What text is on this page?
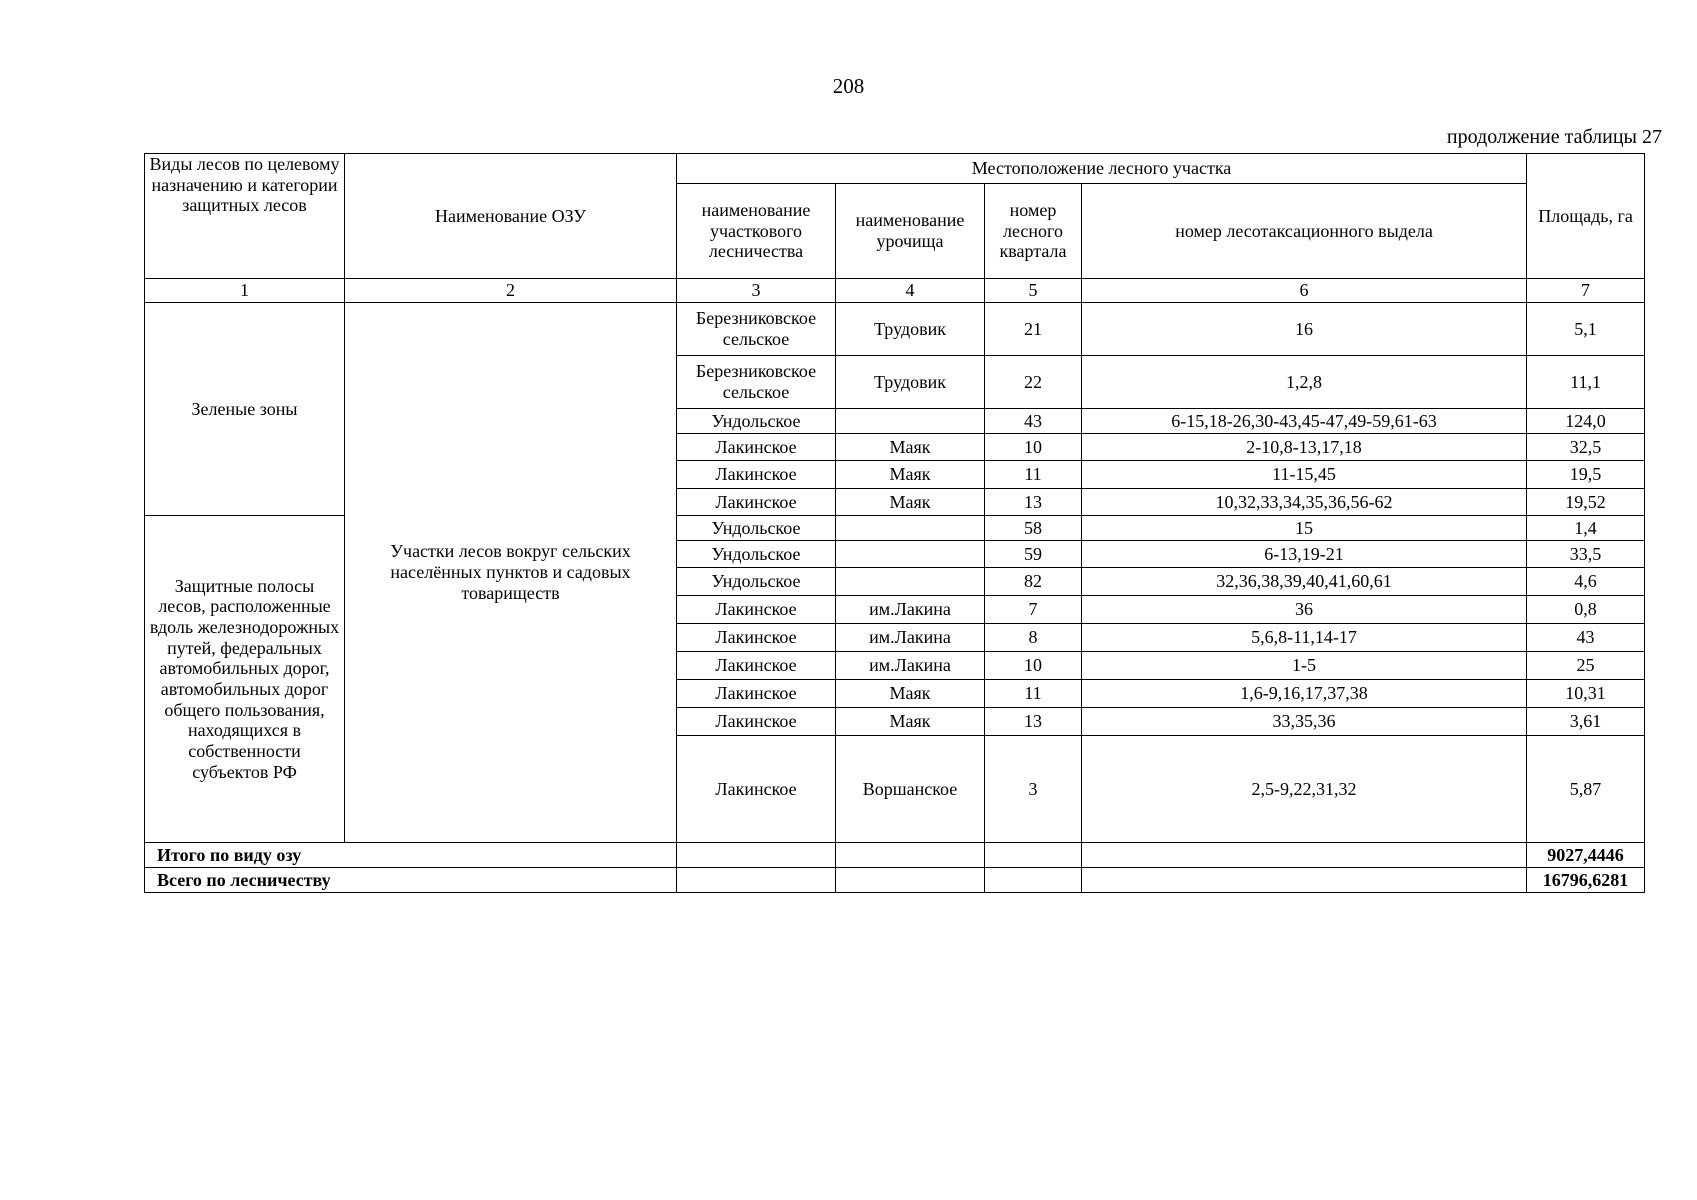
208
продолжение таблицы 27
Виды лесов по целевому назначению и категории защитных лесов	Наименование ОЗУ	Местоположение лесного участка				Площадь, га
		наименование участкового лесничества	наименование урочища	номер лесного квартала	номер лесотаксационного выдела	
1	2	3	4	5	6	7
Зеленые зоны	Участки лесов вокруг сельских населённых пунктов и садовых товариществ	Березниковское сельское	Трудовик	21	16	5,1
		Березниковское сельское	Трудовик	22	1,2,8	11,1
		Ундольское		43	6-15,18-26,30-43,45-47,49-59,61-63	124,0
		Лакинское	Маяк	10	2-10,8-13,17,18	32,5
		Лакинское	Маяк	11	11-15,45	19,5
		Лакинское	Маяк	13	10,32,33,34,35,36,56-62	19,52
Защитные полосы лесов, расположенные вдоль железнодорожных путей, федеральных автомобильных дорог, автомобильных дорог общего пользования, находящихся в собственности субъектов РФ		Ундольское		58	15	1,4
		Ундольское		59	6-13,19-21	33,5
		Ундольское		82	32,36,38,39,40,41,60,61	4,6
		Лакинское	им.Лакина	7	36	0,8
		Лакинское	им.Лакина	8	5,6,8-11,14-17	43
		Лакинское	им.Лакина	10	1-5	25
		Лакинское	Маяк	11	1,6-9,16,17,37,38	10,31
		Лакинское	Маяк	13	33,35,36	3,61
		Лакинское	Воршанское	3	2,5-9,22,31,32	5,87
Итого по виду озу						9027,4446
Всего по лесничеству						16796,6281
